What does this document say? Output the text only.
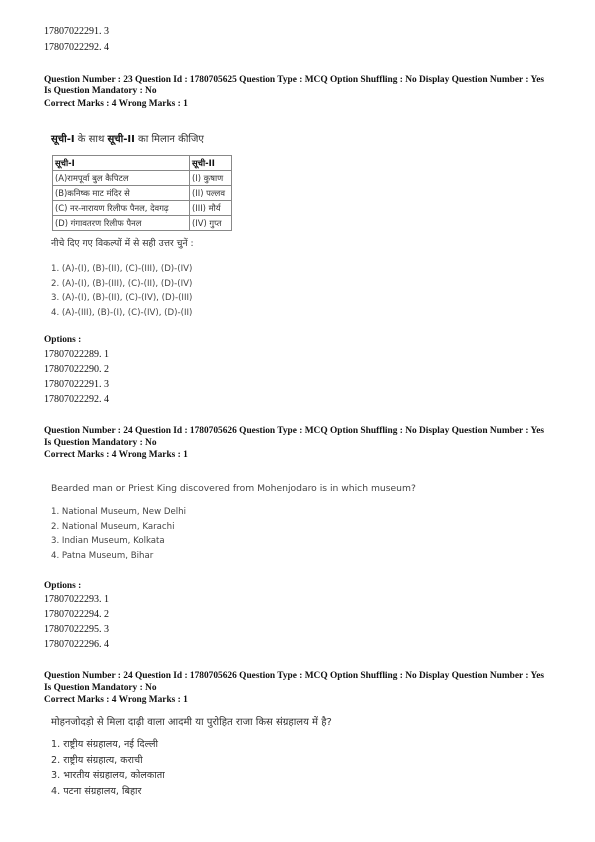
17807022291. 3
17807022292. 4
Question Number : 23 Question Id : 1780705625 Question Type : MCQ Option Shuffling : No Display Question Number : Yes
Is Question Mandatory : No
Correct Marks : 4 Wrong Marks : 1
सूची-I के साथ सूची-II का मिलान कीजिए
सूची-I	सूची-II
(A)रामपूर्वा बुल कैपिटल	(I) कुषाण
(B)कनिष्क माट मंदिर से	(II) पल्लव
(C) नर-नारायण रिलीफ पैनल, देवगढ़	(III) मौर्य
(D) गंगावतरण रिलीफ पैनल	(IV) गुप्त
नीचे दिए गए विकल्पों में से सही उत्तर चुनें :
1. (A)-(I), (B)-(II), (C)-(III), (D)-(IV)
2. (A)-(I), (B)-(III), (C)-(II), (D)-(IV)
3. (A)-(I), (B)-(II), (C)-(IV), (D)-(III)
4. (A)-(III), (B)-(I), (C)-(IV), (D)-(II)
Options :
17807022289. 1
17807022290. 2
17807022291. 3
17807022292. 4
Question Number : 24 Question Id : 1780705626 Question Type : MCQ Option Shuffling : No Display Question Number : Yes
Is Question Mandatory : No
Correct Marks : 4 Wrong Marks : 1
Bearded man or Priest King discovered from Mohenjodaro is in which museum?
1. National Museum, New Delhi
2. National Museum, Karachi
3. Indian Museum, Kolkata
4. Patna Museum, Bihar
Options :
17807022293. 1
17807022294. 2
17807022295. 3
17807022296. 4
Question Number : 24 Question Id : 1780705626 Question Type : MCQ Option Shuffling : No Display Question Number : Yes
Is Question Mandatory : No
Correct Marks : 4 Wrong Marks : 1
मोहनजोदड़ो से मिला दाढ़ी वाला आदमी या पुरोहित राजा किस संग्रहालय में है?
1. राष्ट्रीय संग्रहालय, नई दिल्ली
2. राष्ट्रीय संग्रहात्य, कराची
3. भारतीय संग्रहालय, कोलकाता
4. पटना संग्रहालय, बिहार
